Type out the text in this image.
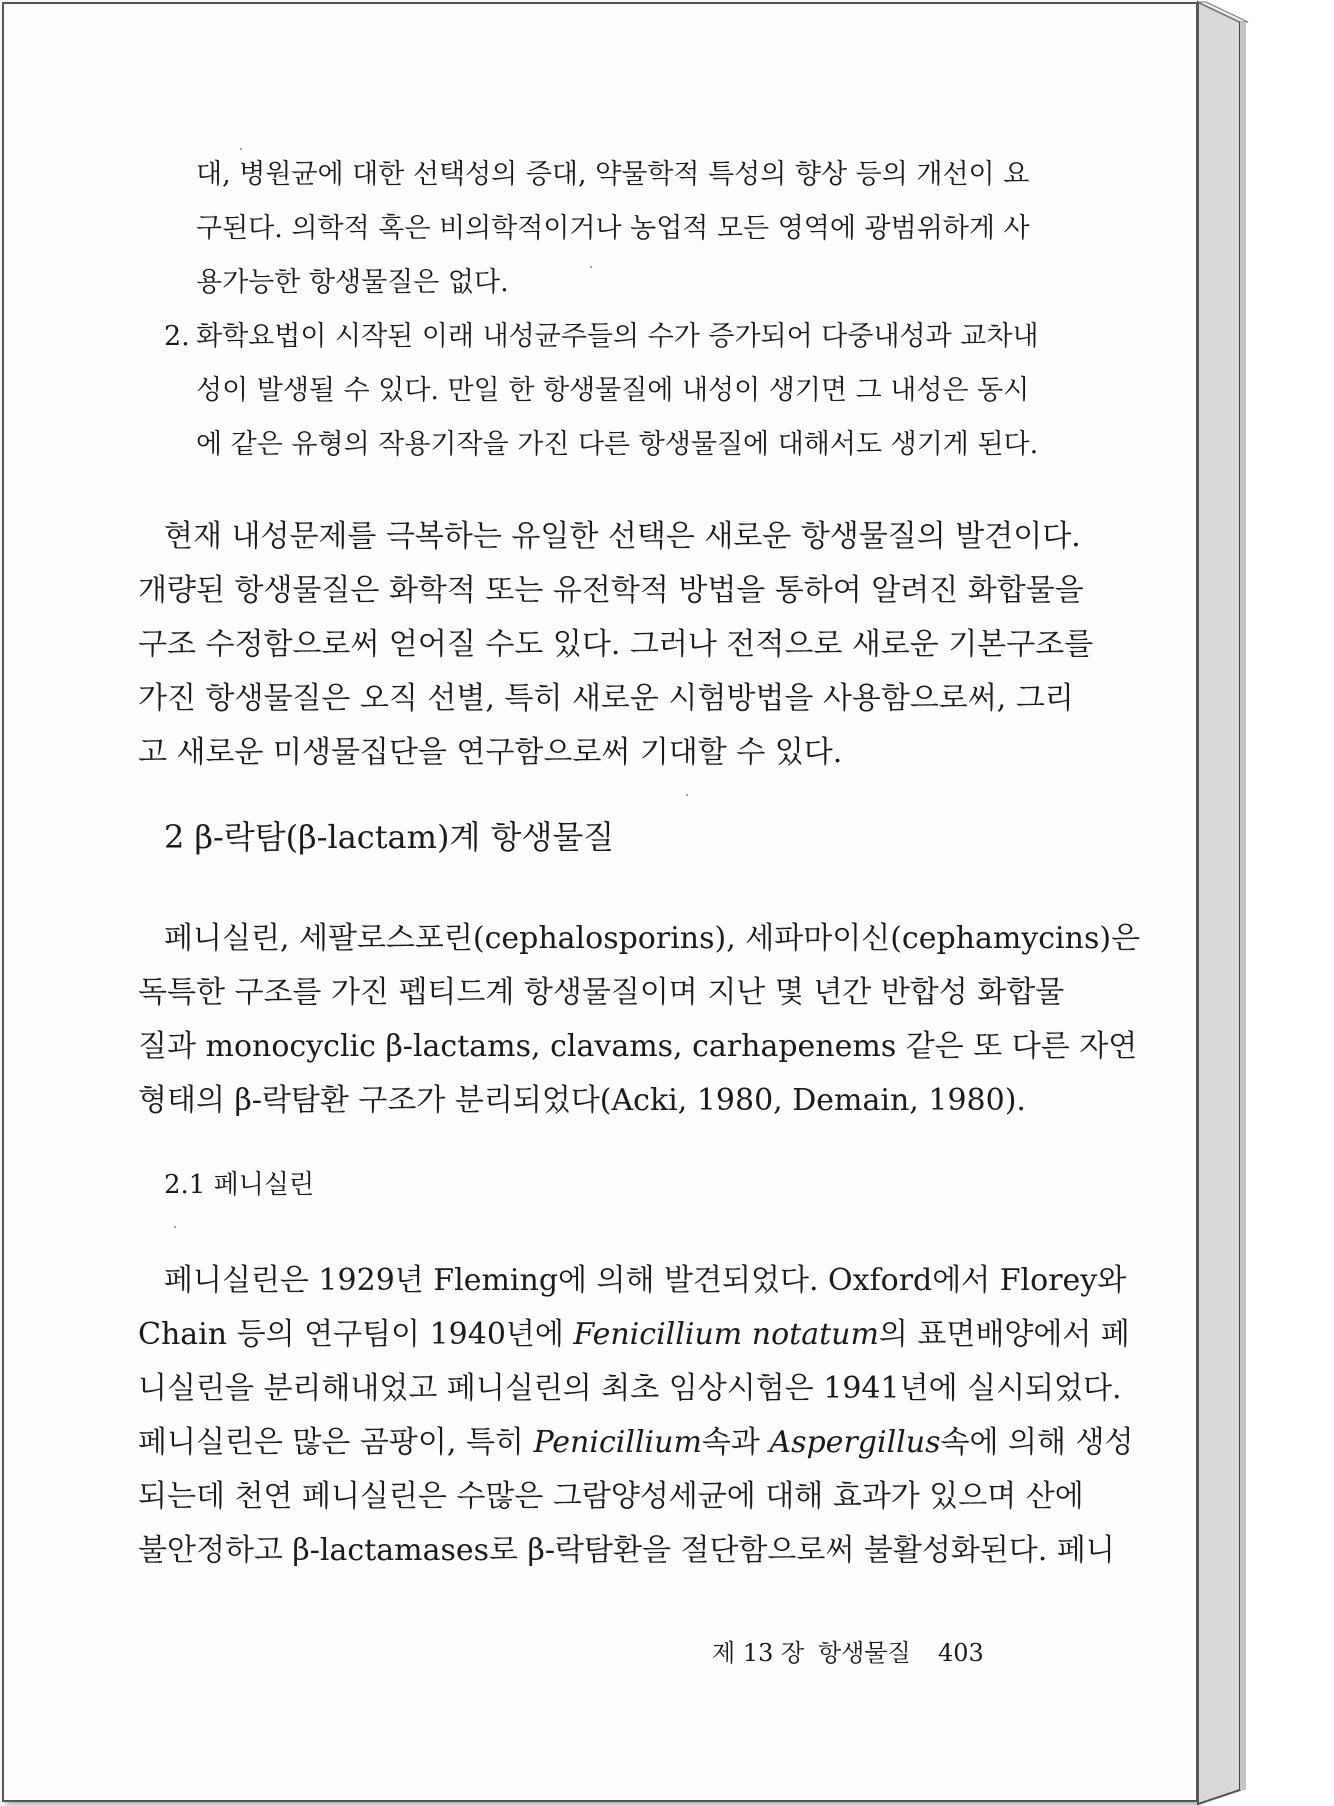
대, 병원균에 대한 선택성의 증대, 약물학적 특성의 향상 등의 개선이 요
구된다. 의학적 혹은 비의학적이거나 농업적 모든 영역에 광범위하게 사
용가능한 항생물질은 없다.
2. 화학요법이 시작된 이래 내성균주들의 수가 증가되어 다중내성과 교차내
성이 발생될 수 있다. 만일 한 항생물질에 내성이 생기면 그 내성은 동시
에 같은 유형의 작용기작을 가진 다른 항생물질에 대해서도 생기게 된다.
현재 내성문제를 극복하는 유일한 선택은 새로운 항생물질의 발견이다.
개량된 항생물질은 화학적 또는 유전학적 방법을 통하여 알려진 화합물을
구조 수정함으로써 얻어질 수도 있다. 그러나 전적으로 새로운 기본구조를
가진 항생물질은 오직 선별, 특히 새로운 시험방법을 사용함으로써, 그리
고 새로운 미생물집단을 연구함으로써 기대할 수 있다.
2 β-락탐(β-lactam)계 항생물질
페니실린, 세팔로스포린(cephalosporins), 세파마이신(cephamycins)은
독특한 구조를 가진 펩티드계 항생물질이며 지난 몇 년간 반합성 화합물
질과 monocyclic β-lactams, clavams, carhapenems 같은 또 다른 자연
형태의 β-락탐환 구조가 분리되었다(Acki, 1980, Demain, 1980).
2.1 페니실린
페니실린은 1929년 Fleming에 의해 발견되었다. Oxford에서 Florey와
Chain 등의 연구팀이 1940년에 Fenicillium notatum의 표면배양에서 페
니실린을 분리해내었고 페니실린의 최초 임상시험은 1941년에 실시되었다.
페니실린은 많은 곰팡이, 특히 Penicillium속과 Aspergillus속에 의해 생성
되는데 천연 페니실린은 수많은 그람양성세균에 대해 효과가 있으며 산에
불안정하고 β-lactamases로 β-락탐환을 절단함으로써 불활성화된다. 페니
제 13 장 항생물질 403
